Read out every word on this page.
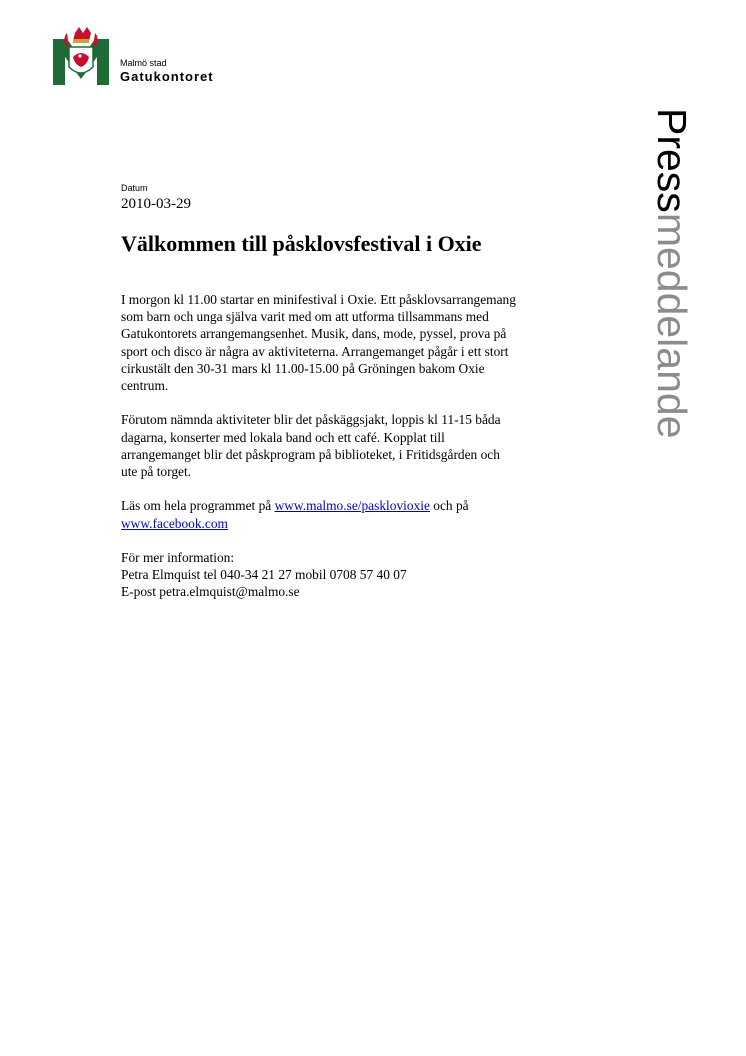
Malmö stad
Gatukontoret
Pressmeddelande
Datum
2010-03-29
Välkommen till påsklovsfestival i Oxie

I morgon kl 11.00 startar en minifestival i Oxie. Ett påsklovsarrangemang
som barn och unga själva varit med om att utforma tillsammans med
Gatukontorets arrangemangsenhet. Musik, dans, mode, pyssel, prova på
sport och disco är några av aktiviteterna. Arrangemanget pågår i ett stort
cirkustält den 30-31 mars kl 11.00-15.00 på Gröningen bakom Oxie
centrum.

Förutom nämnda aktiviteter blir det påskäggsjakt, loppis kl 11-15 båda
dagarna, konserter med lokala band och ett café. Kopplat till
arrangemanget blir det påskprogram på biblioteket, i Fritidsgården och
ute på torget.

Läs om hela programmet på www.malmo.se/pasklovioxie och på
www.facebook.com

För mer information:
Petra Elmquist tel 040-34 21 27 mobil 0708 57 40 07
E-post petra.elmquist@malmo.se
